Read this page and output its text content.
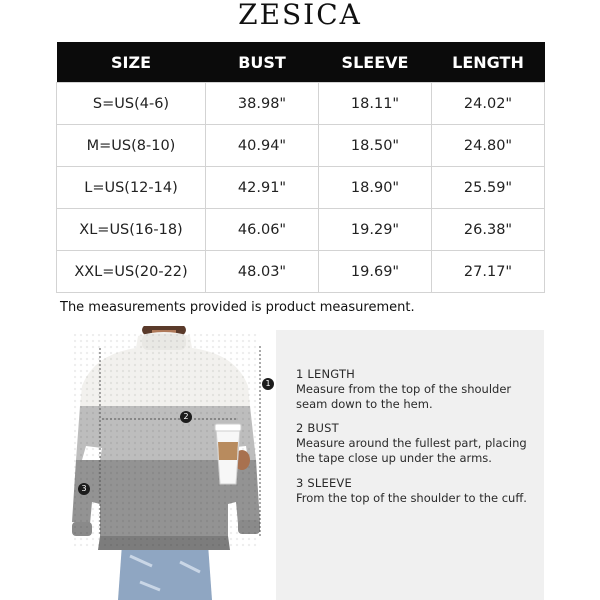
ZESICA
SIZE	BUST	SLEEVE	LENGTH
S=US(4-6)	38.98"	18.11"	24.02"
M=US(8-10)	40.94"	18.50"	24.80"
L=US(12-14)	42.91"	18.90"	25.59"
XL=US(16-18)	46.06"	19.29"	26.38"
XXL=US(20-22)	48.03"	19.69"	27.17"
The measurements provided is product measurement.
1
2
3
1 LENGTH
Measure from the top of the shoulder
seam down to the hem.
2 BUST
Measure around the fullest part, placing
the tape close up under the arms.
3 SLEEVE
From the top of the shoulder to the cuff.
